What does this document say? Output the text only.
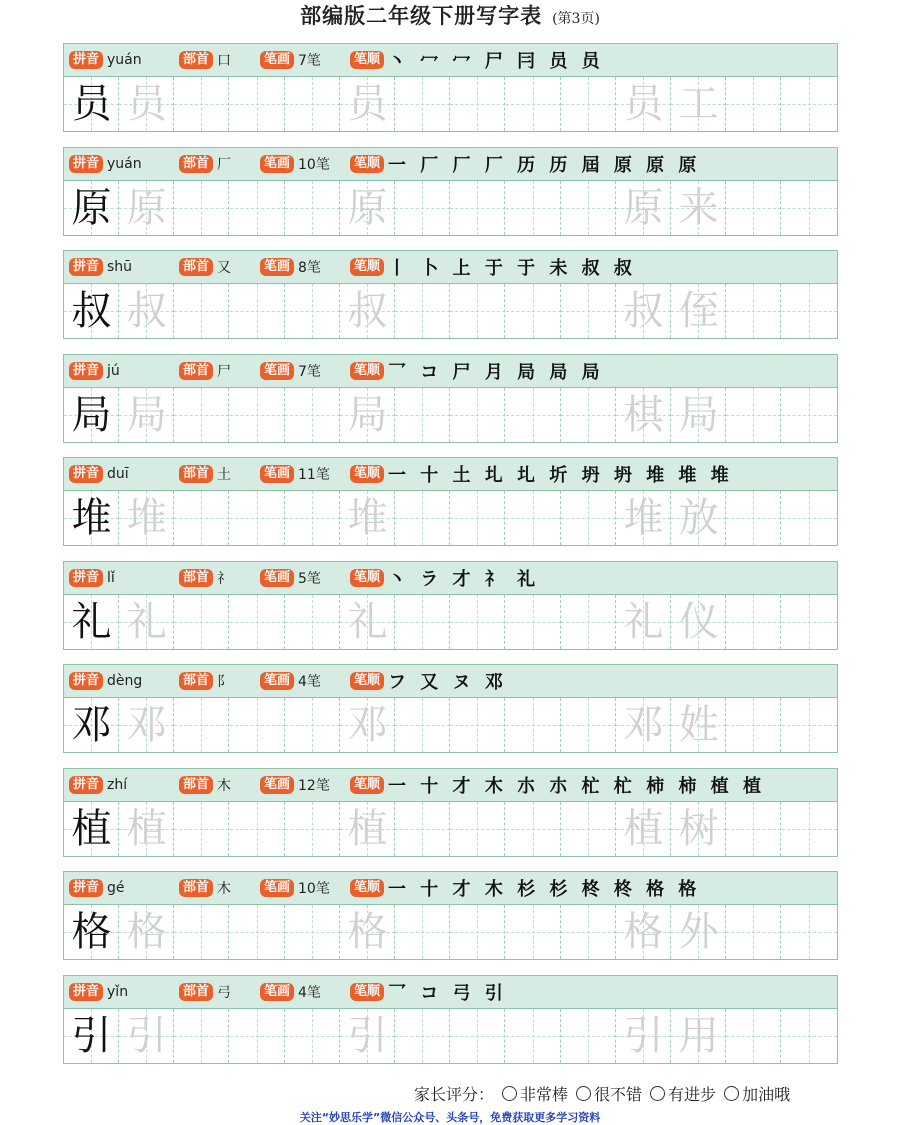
部编版二年级下册写字表 (第3页)
拼音 yuán	部首 口	笔画 7笔	笔顺 丶 冖 冖 尸 冃 员 员
员 员	员	员 工
拼音 yuán	部首 厂	笔画 10笔	笔顺 一 厂 厂 厂 历 历 屆 原 原 原
原 原	原	原 来
拼音 shū	部首 又	笔画 8笔	笔顺 丨 卜 上 于 于 未 叔 叔
叔 叔	叔	叔 侄
拼音 jú	部首 尸	笔画 7笔	笔顺 乛 コ 尸 月 局 局 局
局 局	局	棋 局
拼音 duī	部首 土	笔画 11笔	笔顺 一 十 土 圠 圠 圻 坍 坍 堆 堆 堆
堆 堆	堆	堆 放
拼音 lǐ	部首 礻	笔画 5笔	笔顺 丶 ラ 才 礻 礼
礼 礼	礼	礼 仪
拼音 dèng	部首 阝	笔画 4笔	笔顺 フ 又 ヌ 邓
邓 邓	邓	邓 姓
拼音 zhí	部首 木	笔画 12笔	笔顺 一 十 才 木 朩 朩 杧 杧 柿 柿 植 植
植 植	植	植 树
拼音 gé	部首 木	笔画 10笔	笔顺 一 十 才 木 杉 杉 柊 柊 格 格
格 格	格	格 外
拼音 yǐn	部首 弓	笔画 4笔	笔顺 乛 コ 弓 引
引 引	引	引 用
家长评分： 非常棒 很不错 有进步 加油哦
关注“妙思乐学”微信公众号、头条号，免费获取更多学习资料
